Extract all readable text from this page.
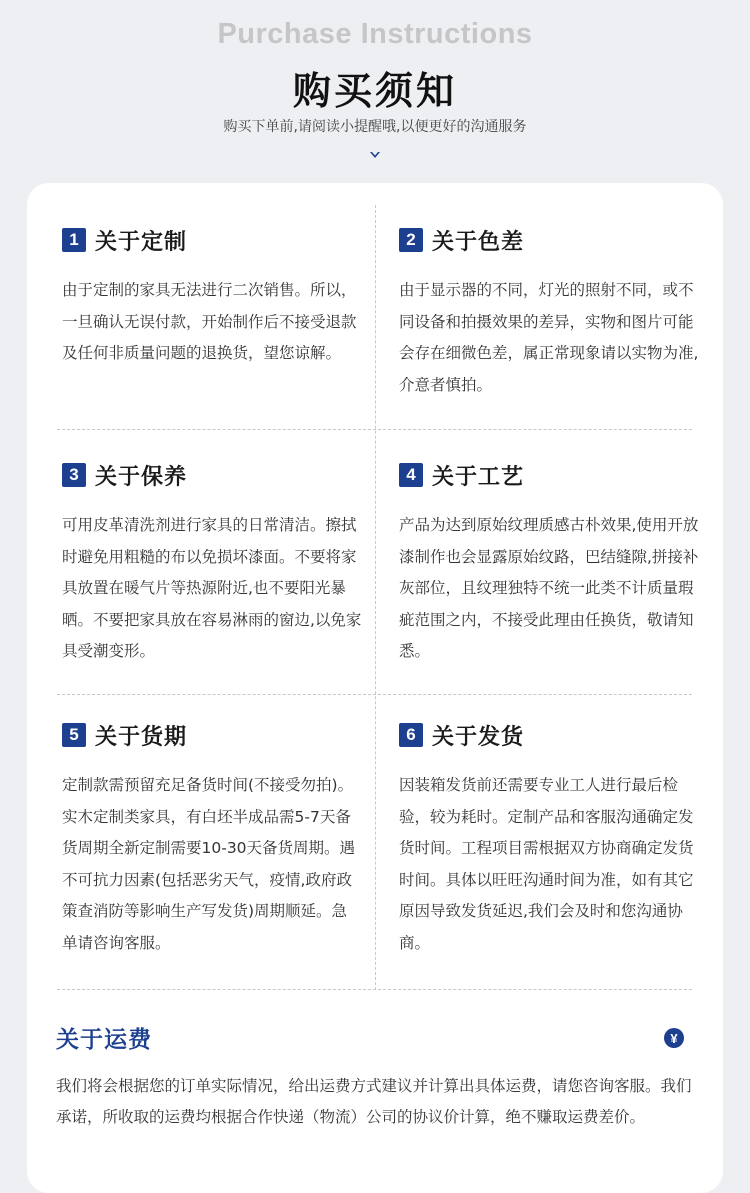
Purchase Instructions
购买须知
购买下单前,请阅读小提醒哦,以便更好的沟通服务
1 关于定制
由于定制的家具无法进行二次销售。所以，一旦确认无误付款，开始制作后不接受退款及任何非质量问题的退换货，望您谅解。
2 关于色差
由于显示器的不同，灯光的照射不同，或不同设备和拍摄效果的差异，实物和图片可能会存在细微色差，属正常现象请以实物为准,介意者慎拍。
3 关于保养
可用皮革清洗剂进行家具的日常清洁。擦拭时避免用粗糙的布以免损坏漆面。不要将家具放置在暖气片等热源附近,也不要阳光暴晒。不要把家具放在容易淋雨的窗边,以免家具受潮变形。
4 关于工艺
产品为达到原始纹理质感古朴效果,使用开放漆制作也会显露原始纹路，巴结缝隙,拼接补灰部位，且纹理独特不统一此类不计质量瑕疵范围之内，不接受此理由任换货，敬请知悉。
5 关于货期
定制款需预留充足备货时间(不接受勿拍)。实木定制类家具，有白坯半成品需5-7天备货周期全新定制需要10-30天备货周期。遇不可抗力因素(包括恶劣天气，疫情,政府政策查消防等影响生产写发货)周期顺延。急单请咨询客服。
6 关于发货
因装箱发货前还需要专业工人进行最后检验，较为耗时。定制产品和客服沟通确定发货时间。工程项目需根据双方协商确定发货时间。具体以旺旺沟通时间为准，如有其它原因导致发货延迟,我们会及时和您沟通协商。
关于运费	¥
我们将会根据您的订单实际情况，给出运费方式建议并计算出具体运费，请您咨询客服。我们承诺，所收取的运费均根据合作快递（物流）公司的协议价计算，绝不赚取运费差价。
